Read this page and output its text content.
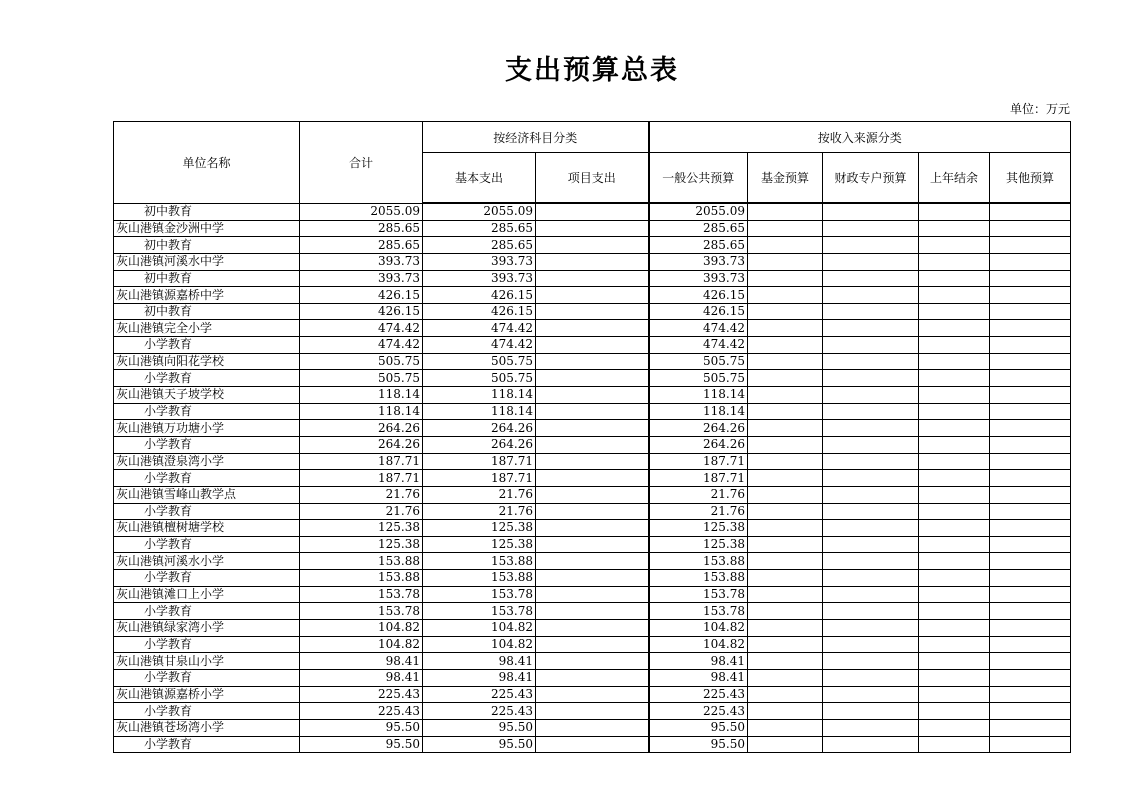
支出预算总表
单位：万元
单位名称	合计	按经济科目分类		按收入来源分类				
		基本支出	项目支出	一般公共预算	基金预算	财政专户预算	上年结余	其他预算
初中教育	2055.09	2055.09		2055.09				
灰山港镇金沙洲中学	285.65	285.65		285.65				
初中教育	285.65	285.65		285.65				
灰山港镇河溪水中学	393.73	393.73		393.73				
初中教育	393.73	393.73		393.73				
灰山港镇源嘉桥中学	426.15	426.15		426.15				
初中教育	426.15	426.15		426.15				
灰山港镇完全小学	474.42	474.42		474.42				
小学教育	474.42	474.42		474.42				
灰山港镇向阳花学校	505.75	505.75		505.75				
小学教育	505.75	505.75		505.75				
灰山港镇天子坡学校	118.14	118.14		118.14				
小学教育	118.14	118.14		118.14				
灰山港镇万功塘小学	264.26	264.26		264.26				
小学教育	264.26	264.26		264.26				
灰山港镇澄泉湾小学	187.71	187.71		187.71				
小学教育	187.71	187.71		187.71				
灰山港镇雪峰山教学点	21.76	21.76		21.76				
小学教育	21.76	21.76		21.76				
灰山港镇檀树塘学校	125.38	125.38		125.38				
小学教育	125.38	125.38		125.38				
灰山港镇河溪水小学	153.88	153.88		153.88				
小学教育	153.88	153.88		153.88				
灰山港镇滩口上小学	153.78	153.78		153.78				
小学教育	153.78	153.78		153.78				
灰山港镇绿家湾小学	104.82	104.82		104.82				
小学教育	104.82	104.82		104.82				
灰山港镇甘泉山小学	98.41	98.41		98.41				
小学教育	98.41	98.41		98.41				
灰山港镇源嘉桥小学	225.43	225.43		225.43				
小学教育	225.43	225.43		225.43				
灰山港镇苍场湾小学	95.50	95.50		95.50				
小学教育	95.50	95.50		95.50				
